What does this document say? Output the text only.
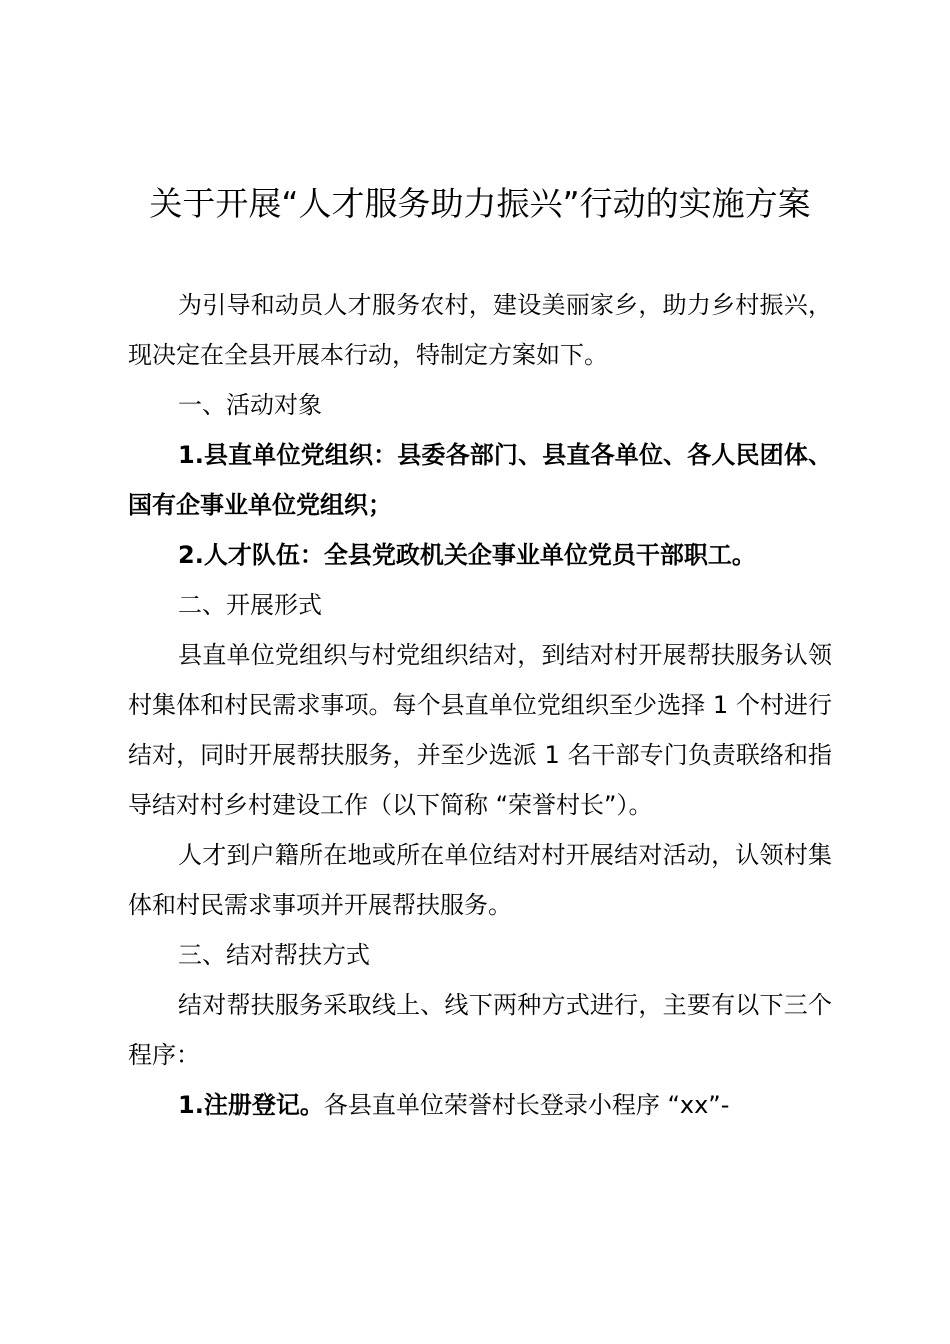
关于开展“人才服务助力振兴”行动的实施方案

为引导和动员人才服务农村，建设美丽家乡，助力乡村振兴，现决定在全县开展本行动，特制定方案如下。

一、活动对象

1.县直单位党组织：县委各部门、县直各单位、各人民团体、国有企事业单位党组织；

2.人才队伍：全县党政机关企事业单位党员干部职工。

二、开展形式

县直单位党组织与村党组织结对，到结对村开展帮扶服务认领村集体和村民需求事项。每个县直单位党组织至少选择 1 个村进行结对，同时开展帮扶服务，并至少选派 1 名干部专门负责联络和指导结对村乡村建设工作（以下简称 “荣誉村长”）。

人才到户籍所在地或所在单位结对村开展结对活动，认领村集体和村民需求事项并开展帮扶服务。

三、结对帮扶方式

结对帮扶服务采取线上、线下两种方式进行，主要有以下三个程序：

1.注册登记。各县直单位荣誉村长登录小程序 “xx”-
